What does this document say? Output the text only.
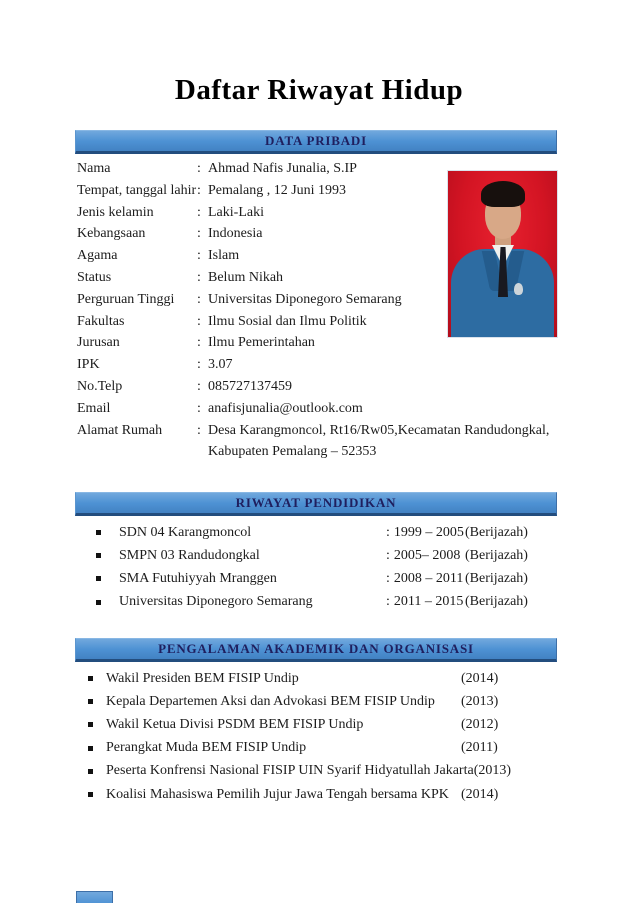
Daftar Riwayat Hidup
DATA PRIBADI
Nama	: Ahmad Nafis Junalia, S.IP
Tempat, tanggal lahir : Pemalang , 12 Juni 1993
Jenis kelamin	: Laki-Laki
Kebangsaan	: Indonesia
Agama	: Islam
Status	: Belum Nikah
Perguruan Tinggi	: Universitas Diponegoro Semarang
Fakultas	: Ilmu Sosial dan Ilmu Politik
Jurusan	: Ilmu Pemerintahan
IPK	: 3.07
No.Telp	: 085727137459
Email	: anafisjunalia@outlook.com
Alamat Rumah	: Desa Karangmoncol, Rt16/Rw05,Kecamatan Randudongkal,
Kabupaten Pemalang – 52353
RIWAYAT PENDIDIKAN
SDN 04 Karangmoncol	: 1999 – 2005 (Berijazah)
SMPN 03 Randudongkal	: 2005– 2008 (Berijazah)
SMA Futuhiyyah Mranggen	: 2008 – 2011 (Berijazah)
Universitas Diponegoro Semarang	: 2011 – 2015 (Berijazah)
PENGALAMAN AKADEMIK DAN ORGANISASI
Wakil Presiden BEM FISIP Undip	(2014)
Kepala Departemen Aksi dan Advokasi BEM FISIP Undip	(2013)
Wakil Ketua Divisi PSDM BEM FISIP Undip	(2012)
Perangkat Muda BEM FISIP Undip	(2011)
Peserta Konfrensi Nasional FISIP UIN Syarif Hidyatullah Jakarta (2013)
Koalisi Mahasiswa Pemilih Jujur Jawa Tengah bersama KPK (2014)
